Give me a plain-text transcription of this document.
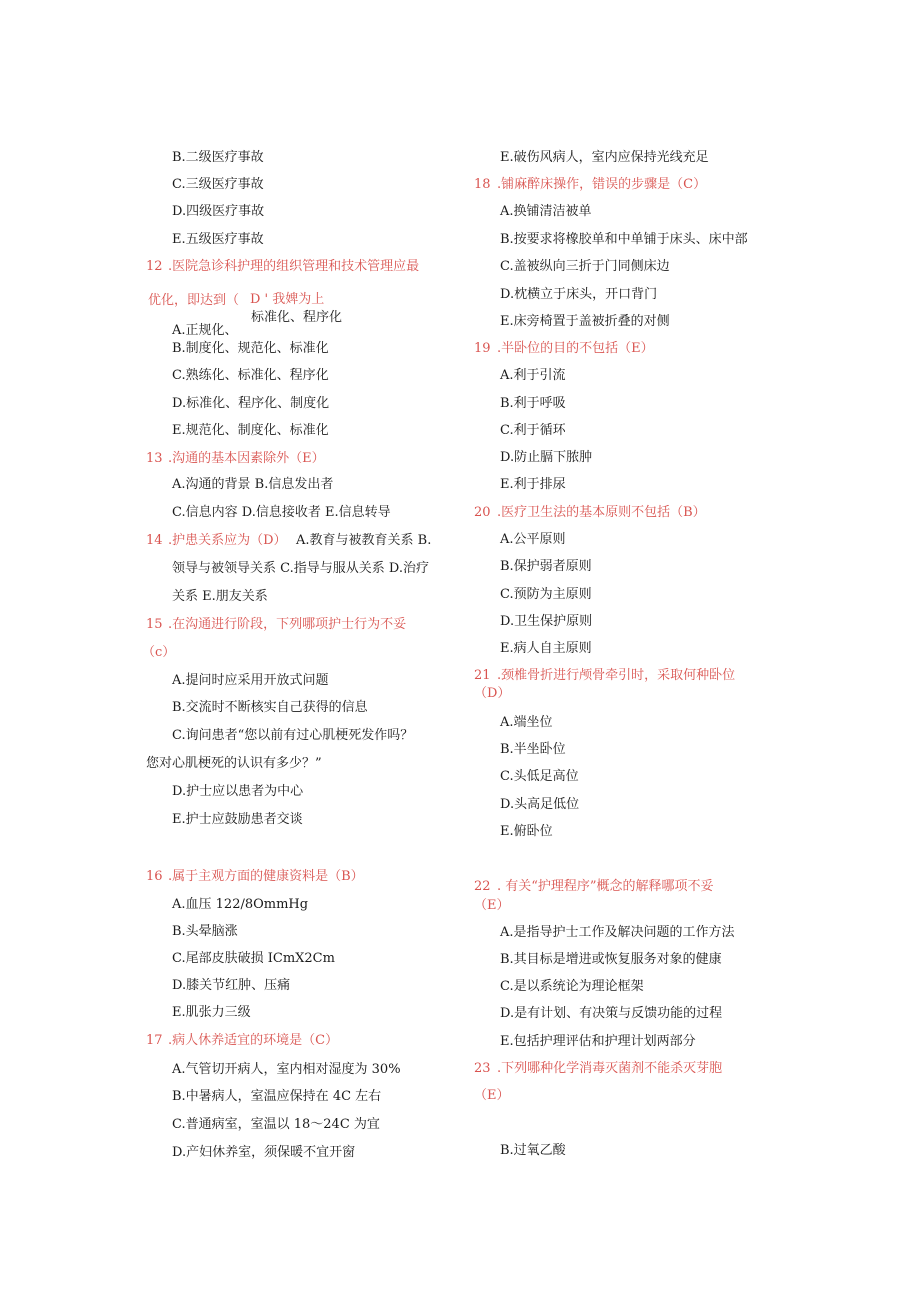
B.二级医疗事故
C.三级医疗事故
D.四级医疗事故
E.五级医疗事故
12 .医院急诊科护理的组织管理和技术管理应最
优化，即达到（ D ' 我婢为上
标准化、程序化
A.正规化、
B.制度化、规范化、标准化
C.熟练化、标准化、程序化
D.标准化、程序化、制度化
E.规范化、制度化、标准化
13 .沟通的基本因素除外（E）
A.沟通的背景 B.信息发出者
C.信息内容 D.信息接收者 E.信息转导
14 .护患关系应为（D） A.教育与被教育关系 B.
领导与被领导关系 C.指导与服从关系 D.治疗
关系 E.朋友关系
15 .在沟通进行阶段，下列哪项护士行为不妥
（c）
A.提问时应采用开放式问题
B.交流时不断核实自己获得的信息
C.询问患者“您以前有过心肌梗死发作吗？
您对心肌梗死的认识有多少？”
D.护士应以患者为中心
E.护士应鼓励患者交谈
16 .属于主观方面的健康资料是（B）
A.血压 122/8OmmHg
B.头晕脑涨
C.尾部皮肤破损 ICmX2Cm
D.膝关节红肿、压痛
E.肌张力三级
17 .病人休养适宜的环境是（C）
A.气管切开病人，室内相对湿度为 30%
B.中暑病人，室温应保持在 4C 左右
C.普通病室，室温以 18～24C 为宜
D.产妇休养室，须保暖不宜开窗
E.破伤风病人，室内应保持光线充足
18 .铺麻醉床操作，错误的步骤是（C）
A.换铺清洁被单
B.按要求将橡胶单和中单铺于床头、床中部
C.盖被纵向三折于门同侧床边
D.枕横立于床头，开口背门
E.床旁椅置于盖被折叠的对侧
19 .半卧位的目的不包括（E）
A.利于引流
B.利于呼吸
C.利于循环
D.防止膈下脓肿
E.利于排尿
20 .医疗卫生法的基本原则不包括（B）
A.公平原则
B.保护弱者原则
C.预防为主原则
D.卫生保护原则
E.病人自主原则
21 .颈椎骨折进行颅骨牵引时，采取何种卧位
（D）
A.端坐位
B.半坐卧位
C.头低足高位
D.头高足低位
E.俯卧位
22 . 有关“护理程序”概念的解释哪项不妥
（E）
A.是指导护士工作及解决问题的工作方法
B.其目标是增进或恢复服务对象的健康
C.是以系统论为理论框架
D.是有计划、有决策与反馈功能的过程
E.包括护理评估和护理计划两部分
23 .下列哪种化学消毒灭菌剂不能杀灭芽胞
（E）
B.过氧乙酸
